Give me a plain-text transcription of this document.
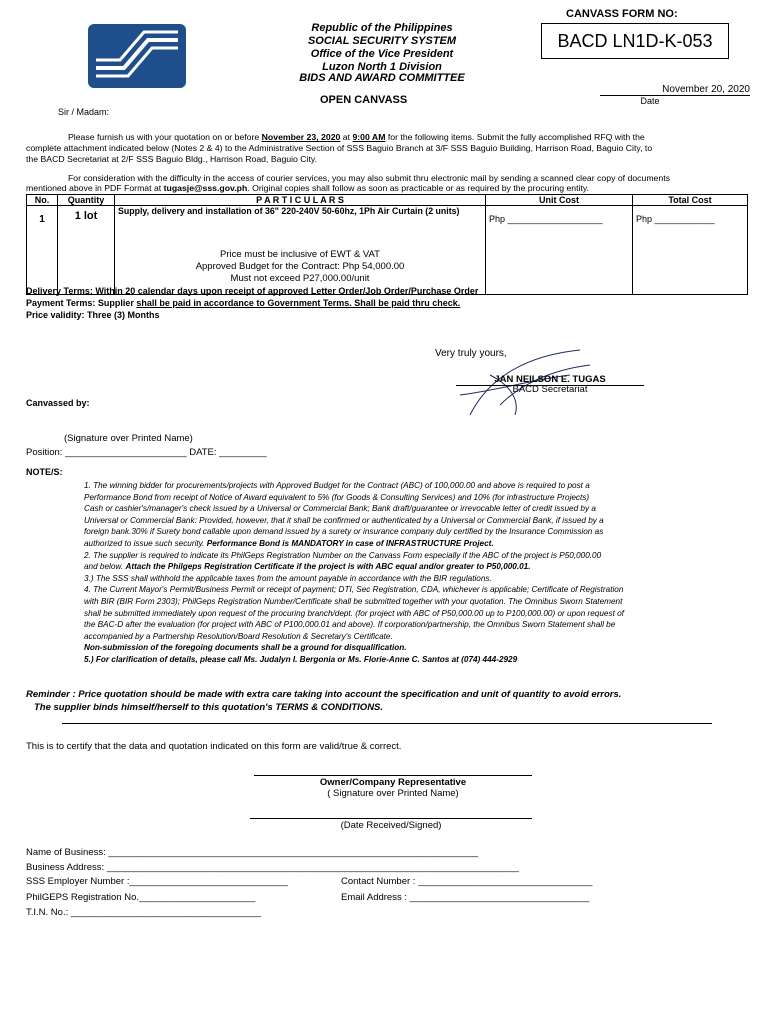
Republic of the Philippines
SOCIAL SECURITY SYSTEM
Office of the Vice President
Luzon North 1 Division
BIDS AND AWARD COMMITTEE
CANVASS FORM NO:
BACD LN1D-K-053
November 20, 2020
Date
OPEN CANVASS
Sir / Madam:
Please furnish us with your quotation on or before November 23, 2020 at 9:00 AM for the following items. Submit the fully accomplished RFQ with the
complete attachment indicated below (Notes 2 & 4) to the Administrative Section of SSS Baguio Branch at 3/F SSS Baguio Building, Harrison Road, Baguio City, to
the BACD Secretariat at 2/F SSS Baguio Bldg., Harrison Road, Baguio City.
For consideration with the difficulty in the access of courier services, you may also submit thru electronic mail by sending a scanned clear copy of documents
mentioned above in PDF Format at tugasje@sss.gov.ph. Original copies shall follow as soon as practicable or as required by the procuring entity.
No.	Quantity	P A R T I C U L A R S	Unit Cost	Total Cost
1	1 lot	Supply, delivery and installation of 36" 220-240V 50-60hz, 1Ph Air Curtain (2 units)
Price must be inclusive of EWT & VAT
Approved Budget for the Contract: Php 54,000.00
Must not exceed P27,000.00/unit	Php ___________________	Php ____________
Delivery Terms: Within 20 calendar days upon receipt of approved Letter Order/Job Order/Purchase Order
Payment Terms: Supplier shall be paid in accordance to Government Terms. Shall be paid thru check.
Price validity: Three (3) Months
Very truly yours,
JAN NEILSON E. TUGAS
BACD Secretariat
Canvassed by:
(Signature over Printed Name)
Position: _______________________ DATE: _________
NOTE/S:
1. The winning bidder for procurements/projects with Approved Budget for the Contract (ABC) of 100,000.00 and above is required to post a
Performance Bond from receipt of Notice of Award equivalent to 5% (for Goods & Consulting Services) and 10% (for infrastructure Projects)
Cash or cashier's/manager's check issued by a Universal or Commercial Bank; Bank draft/guarantee or irrevocable letter of credit issued by a
Universal or Commercial Bank: Provided, however, that it shall be confirmed or authenticated by a Universal or Commercial Bank, if issued by a
foreign bank.30% if Surety bond callable upon demand issued by a surety or insurance company duly certified by the Insurance Commission as
authorized to issue such security. Performance Bond is MANDATORY in case of INFRASTRUCTURE Project.
2. The supplier is required to indicate its PhilGeps Registration Number on the Canvass Form especially if the ABC of the project is P50,000.00
and below. Attach the Philgeps Registration Certificate if the project is with ABC equal and/or greater to P50,000.01.
3.) The SSS shall withhold the applicable taxes from the amount payable in accordance with the BIR regulations.
4. The Current Mayor's Permit/Business Permit or receipt of payment; DTI, Sec Registration, CDA, whichever is applicable; Certificate of Registration
with BIR (BIR Form 2303); PhilGeps Registration Number/Certificate shall be submitted together with your quotation. The Omnibus Sworn Statement
shall be submitted immediately upon request of the procuring branch/dept. (for project with ABC of P50,000.00 up to P100,000.00) or upon request of
the BAC-D after the evaluation (for project with ABC of P100,000.01 and above). If corporation/partnership, the Omnibus Sworn Statement shall be
accompanied by a Partnership Resolution/Board Resolution & Secretary's Certificate.
Non-submission of the foregoing documents shall be a ground for disqualification.
5.) For clarification of details, please call Ms. Judalyn I. Bergonia or Ms. Florie-Anne C. Santos at (074) 444-2929
Reminder : Price quotation should be made with extra care taking into account the specification and unit of quantity to avoid errors.
The supplier binds himself/herself to this quotation's TERMS & CONDITIONS.
This is to certify that the data and quotation indicated on this form are valid/true & correct.
Owner/Company Representative
( Signature over Printed Name)
(Date Received/Signed)
Name of Business: ______________________________________________________________________
Business Address: ______________________________________________________________________________
SSS Employer Number :______________________________	Contact Number : _________________________________
PhilGEPS Registration No.______________________	Email Address : __________________________________
T.I.N. No.: ____________________________________
